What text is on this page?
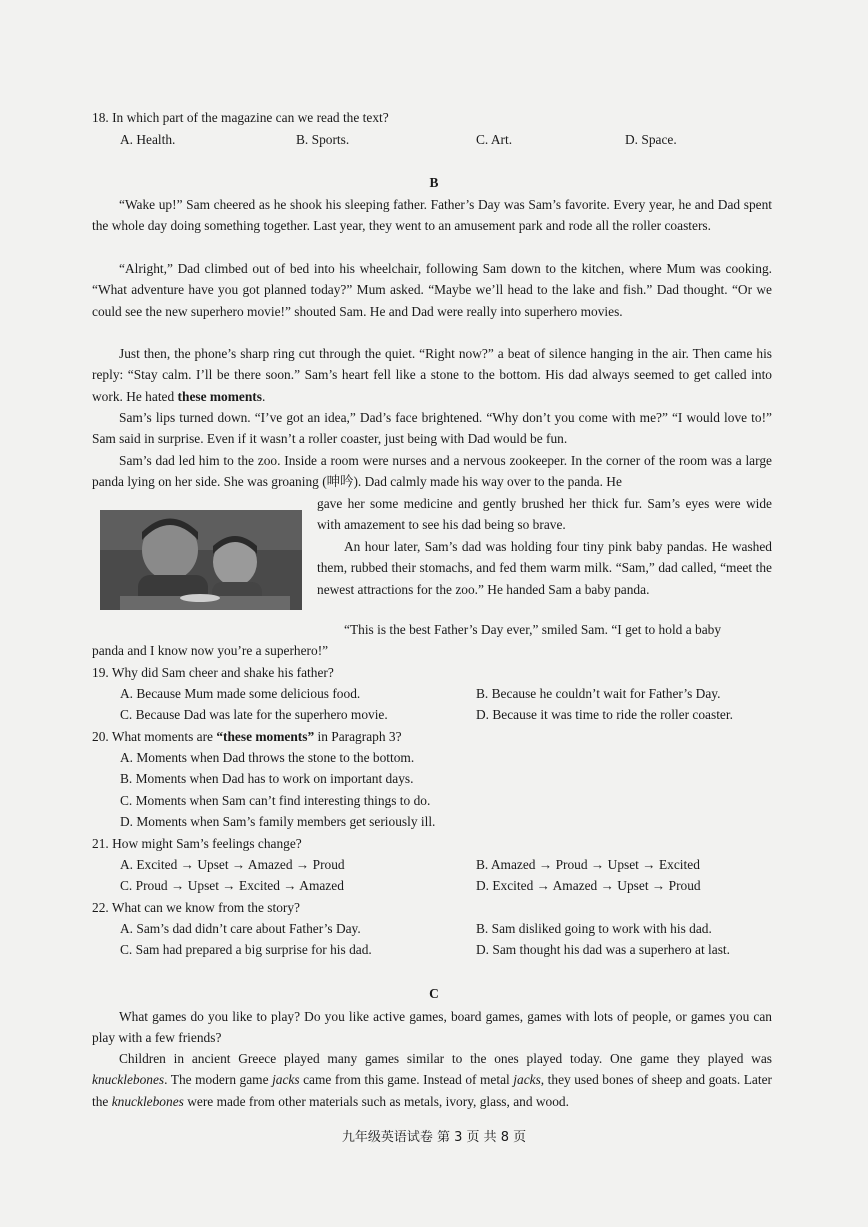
18. In which part of the magazine can we read the text?
A. Health.	B. Sports.	C. Art.	D. Space.
B

“Wake up!” Sam cheered as he shook his sleeping father. Father’s Day was Sam’s favorite. Every year, he and Dad spent the whole day doing something together. Last year, they went to an amusement park and rode all the roller coasters.

“Alright,” Dad climbed out of bed into his wheelchair, following Sam down to the kitchen, where Mum was cooking. “What adventure have you got planned today?” Mum asked. “Maybe we’ll head to the lake and fish.” Dad thought. “Or we could see the new superhero movie!” shouted Sam. He and Dad were really into superhero movies.

Just then, the phone’s sharp ring cut through the quiet. “Right now?” a beat of silence hanging in the air. Then came his reply: “Stay calm. I’ll be there soon.” Sam’s heart fell like a stone to the bottom. His dad always seemed to get called into work. He hated these moments.

Sam’s lips turned down. “I’ve got an idea,” Dad’s face brightened. “Why don’t you come with me?” “I would love to!” Sam said in surprise. Even if it wasn’t a roller coaster, just being with Dad would be fun.

Sam’s dad led him to the zoo. Inside a room were nurses and a nervous zookeeper. In the corner of the room was a large panda lying on her side. She was groaning (呻吟). Dad calmly made his way over to the panda. He

gave her some medicine and gently brushed her thick fur. Sam’s eyes were wide with amazement to see his dad being so brave.

An hour later, Sam’s dad was holding four tiny pink baby pandas. He washed them, rubbed their stomachs, and fed them warm milk. “Sam,” dad called, “meet the newest attractions for the zoo.” He handed Sam a baby panda.

“This is the best Father’s Day ever,” smiled Sam. “I get to hold a baby
panda and I know now you’re a superhero!”
19. Why did Sam cheer and shake his father?
A. Because Mum made some delicious food.	B. Because he couldn’t wait for Father’s Day.
C. Because Dad was late for the superhero movie.	D. Because it was time to ride the roller coaster.
20. What moments are “these moments” in Paragraph 3?
A. Moments when Dad throws the stone to the bottom.
B. Moments when Dad has to work on important days.
C. Moments when Sam can’t find interesting things to do.
D. Moments when Sam’s family members get seriously ill.
21. How might Sam’s feelings change?
A. Excited → Upset → Amazed → Proud	B. Amazed → Proud → Upset → Excited
C. Proud → Upset → Excited → Amazed	D. Excited → Amazed → Upset → Proud
22. What can we know from the story?
A. Sam’s dad didn’t care about Father’s Day.	B. Sam disliked going to work with his dad.
C. Sam had prepared a big surprise for his dad.	D. Sam thought his dad was a superhero at last.
C

What games do you like to play? Do you like active games, board games, games with lots of people, or games you can play with a few friends?

Children in ancient Greece played many games similar to the ones played today. One game they played was knucklebones. The modern game jacks came from this game. Instead of metal jacks, they used bones of sheep and goats. Later the knucklebones were made from other materials such as metals, ivory, glass, and wood.

九年级英语试卷 第 3 页 共 8 页
